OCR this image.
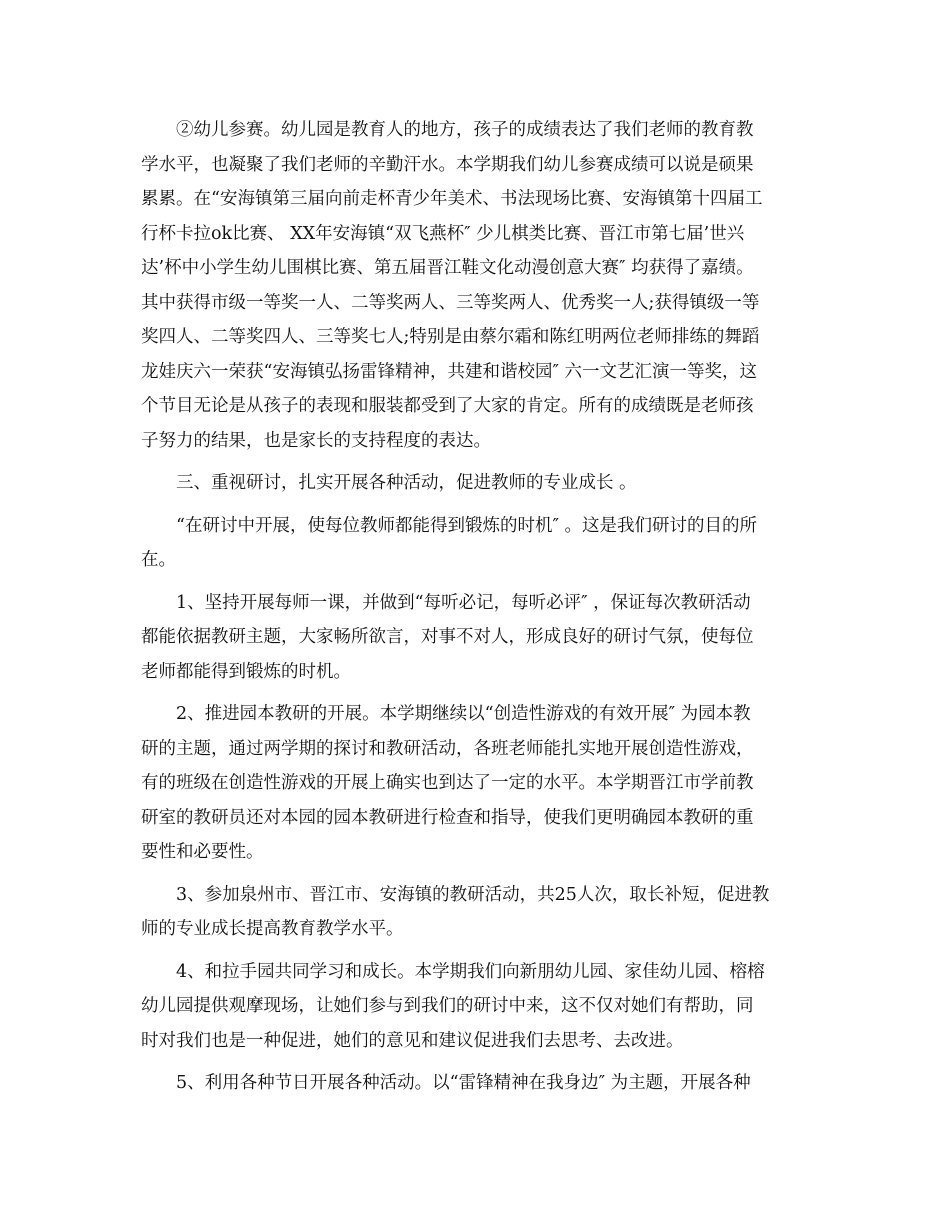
②幼儿参赛。幼儿园是教育人的地方，孩子的成绩表达了我们老师的教育教
学水平，也凝聚了我们老师的辛勤汗水。本学期我们幼儿参赛成绩可以说是硕果
累累。在“安海镇第三届向前走杯青少年美术、书法现场比赛、安海镇第十四届工
行杯卡拉ok比赛、 XX年安海镇“双飞燕杯″ 少儿棋类比赛、晋江市第七届’世兴
达’杯中小学生幼儿围棋比赛、第五届晋江鞋文化动漫创意大赛″ 均获得了嘉绩。
其中获得市级一等奖一人、二等奖两人、三等奖两人、优秀奖一人;获得镇级一等
奖四人、二等奖四人、三等奖七人;特别是由蔡尔霜和陈红明两位老师排练的舞蹈
龙娃庆六一荣获“安海镇弘扬雷锋精神，共建和谐校园″ 六一文艺汇演一等奖，这
个节目无论是从孩子的表现和服装都受到了大家的肯定。所有的成绩既是老师孩
子努力的结果，也是家长的支持程度的表达。
三、重视研讨，扎实开展各种活动，促进教师的专业成长 。
“在研讨中开展，使每位教师都能得到锻炼的时机″ 。这是我们研讨的目的所
在。
1、坚持开展每师一课，并做到“每听必记，每听必评″ ，保证每次教研活动
都能依据教研主题，大家畅所欲言，对事不对人，形成良好的研讨气氛，使每位
老师都能得到锻炼的时机。
2、推进园本教研的开展。本学期继续以“创造性游戏的有效开展″ 为园本教
研的主题，通过两学期的探讨和教研活动，各班老师能扎实地开展创造性游戏，
有的班级在创造性游戏的开展上确实也到达了一定的水平。本学期晋江市学前教
研室的教研员还对本园的园本教研进行检查和指导，使我们更明确园本教研的重
要性和必要性。
3、参加泉州市、晋江市、安海镇的教研活动，共25人次，取长补短，促进教
师的专业成长提高教育教学水平。
4、和拉手园共同学习和成长。本学期我们向新朋幼儿园、家佳幼儿园、榕榕
幼儿园提供观摩现场，让她们参与到我们的研讨中来，这不仅对她们有帮助，同
时对我们也是一种促进，她们的意见和建议促进我们去思考、去改进。
5、利用各种节日开展各种活动。以“雷锋精神在我身边″ 为主题，开展各种
